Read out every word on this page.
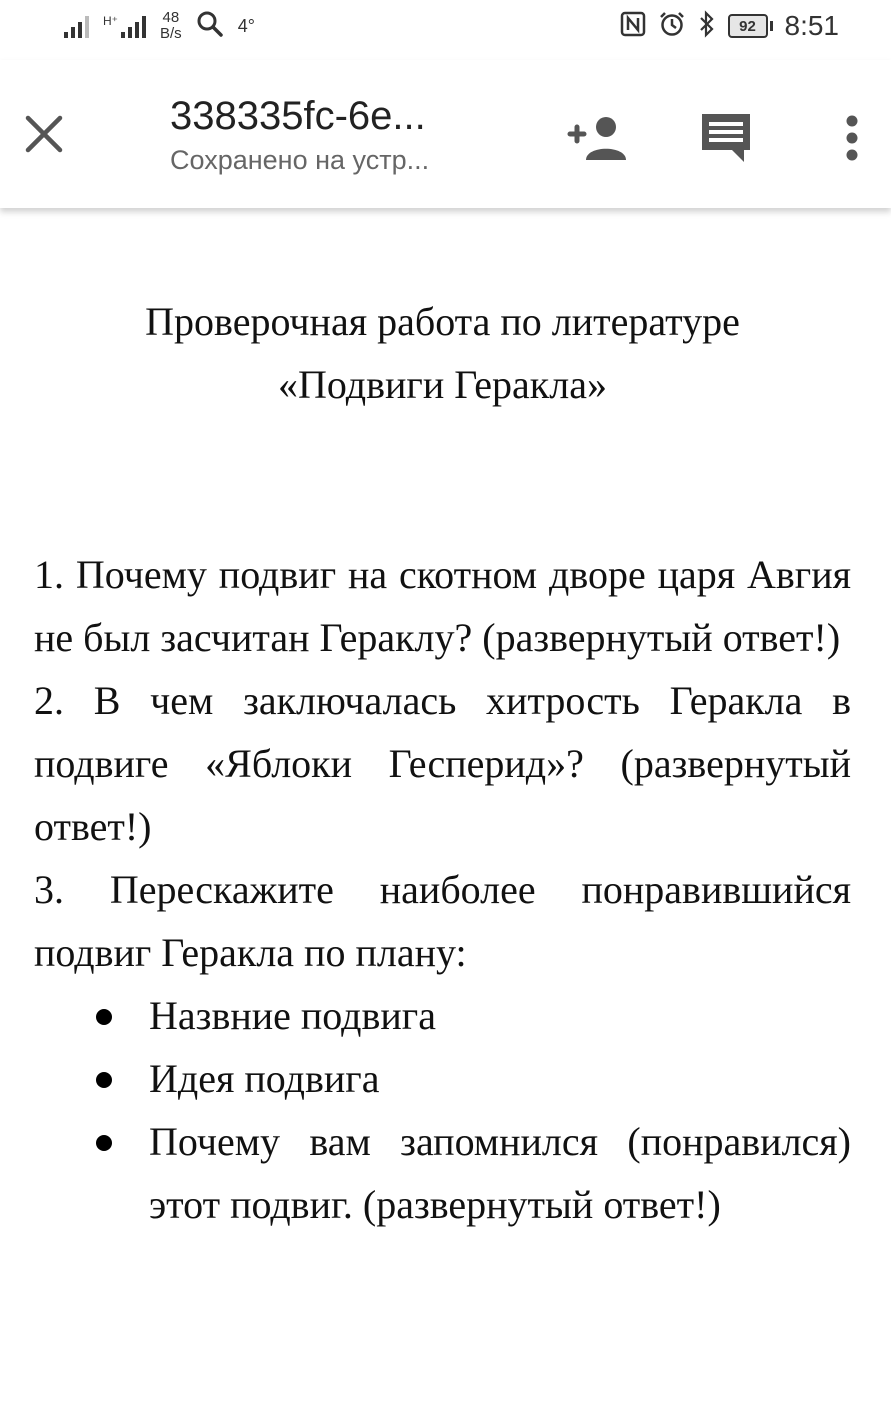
H⁺	48
B/s	4°	92 8:51
338335fc-6e...
Сохранено на устр...
Проверочная работа по литературе
«Подвиги Геракла»

1. Почему подвиг на скотном дворе царя Авгия не был засчитан Гераклу? (развернутый ответ!)

2. В чем заключалась хитрость Геракла в подвиге «Яблоки Гесперид»? (развернутый ответ!)

3. Перескажите наиболее понравившийся подвиг Геракла по плану:

Назвние подвига
Идея подвига
Почему вам запомнился (понравился) этот подвиг. (развернутый ответ!)
